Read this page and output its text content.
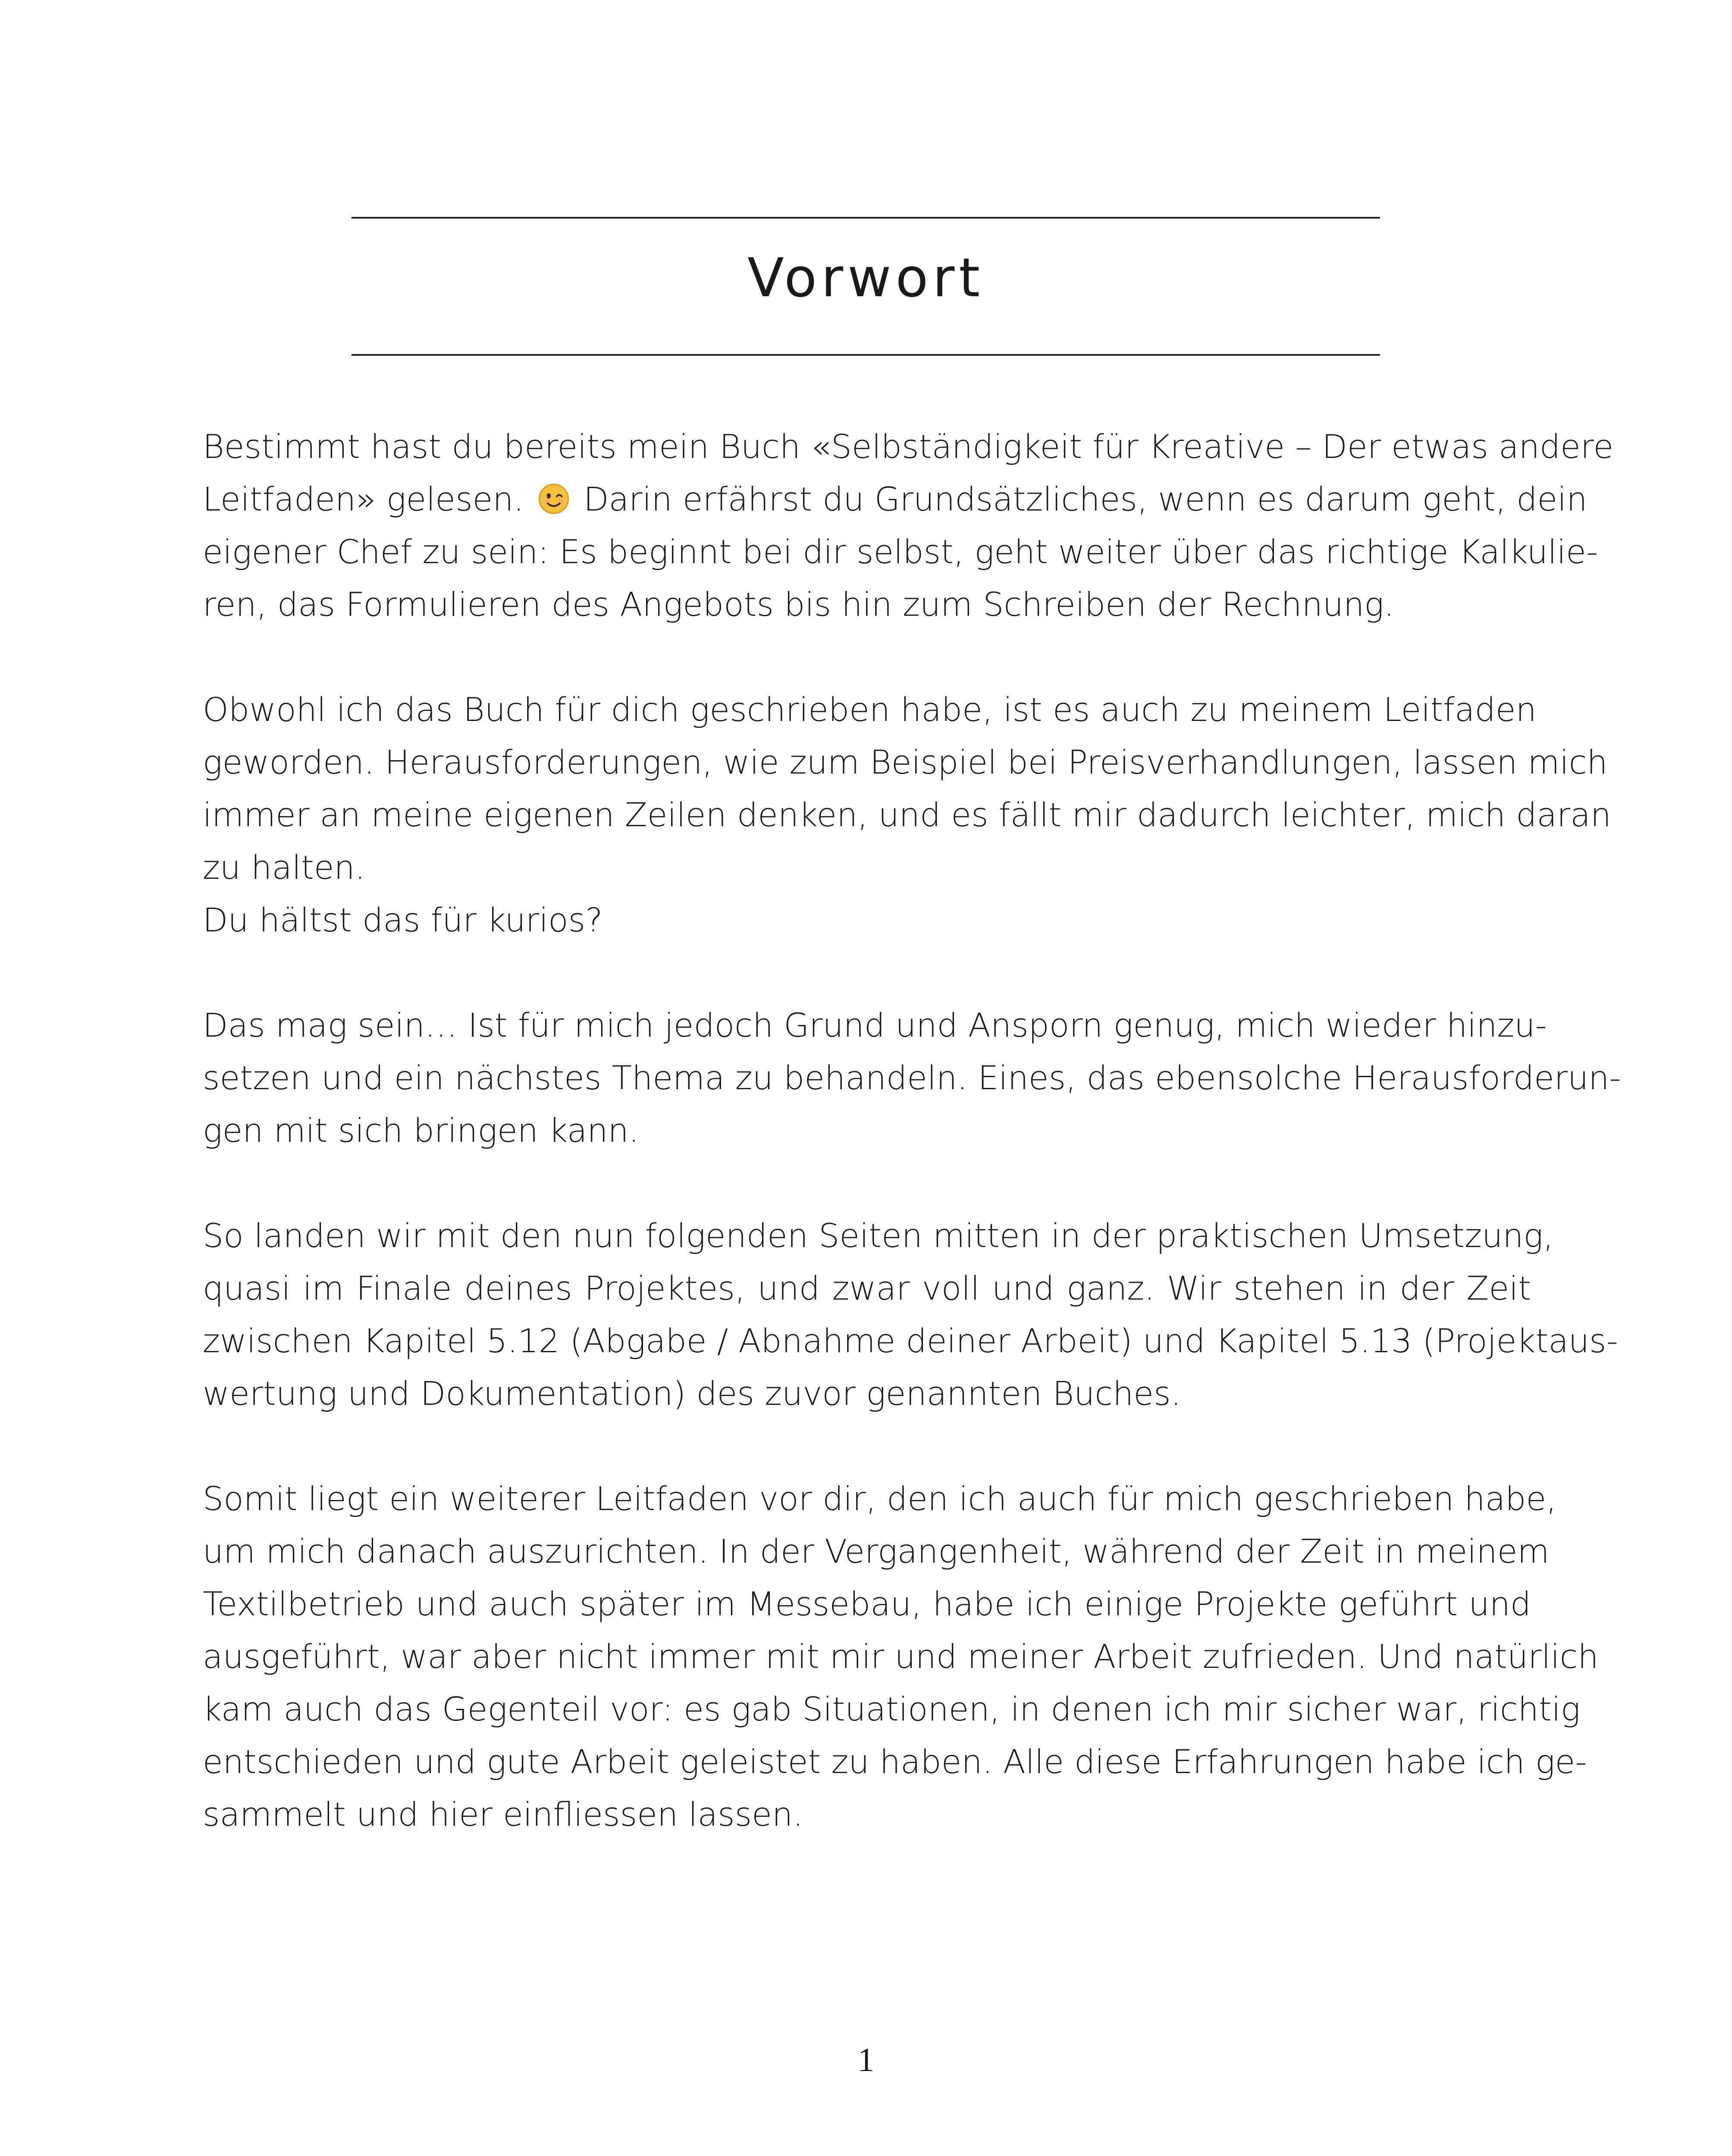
Vorwort

Bestimmt hast du bereits mein Buch «Selbständigkeit für Kreative – Der etwas andere
Leitfaden» gelesen.  Darin erfährst du Grundsätzliches, wenn es darum geht, dein
eigener Chef zu sein: Es beginnt bei dir selbst, geht weiter über das richtige Kalkulie-
ren, das Formulieren des Angebots bis hin zum Schreiben der Rechnung.

Obwohl ich das Buch für dich geschrieben habe, ist es auch zu meinem Leitfaden
geworden. Herausforderungen, wie zum Beispiel bei Preisverhandlungen, lassen mich
immer an meine eigenen Zeilen denken, und es fällt mir dadurch leichter, mich daran
zu halten.
Du hältst das für kurios?

Das mag sein… Ist für mich jedoch Grund und Ansporn genug, mich wieder hinzu-
setzen und ein nächstes Thema zu behandeln. Eines, das ebensolche Herausforderun-
gen mit sich bringen kann.

So landen wir mit den nun folgenden Seiten mitten in der praktischen Umsetzung,
quasi im Finale deines Projektes, und zwar voll und ganz. Wir stehen in der Zeit
zwischen Kapitel 5.12 (Abgabe / Abnahme deiner Arbeit) und Kapitel 5.13 (Projektaus-
wertung und Dokumentation) des zuvor genannten Buches.

Somit liegt ein weiterer Leitfaden vor dir, den ich auch für mich geschrieben habe,
um mich danach auszurichten. In der Vergangenheit, während der Zeit in meinem
Textilbetrieb und auch später im Messebau, habe ich einige Projekte geführt und
ausgeführt, war aber nicht immer mit mir und meiner Arbeit zufrieden. Und natürlich
kam auch das Gegenteil vor: es gab Situationen, in denen ich mir sicher war, richtig
entschieden und gute Arbeit geleistet zu haben. Alle diese Erfahrungen habe ich ge-
sammelt und hier einfliessen lassen.

1
